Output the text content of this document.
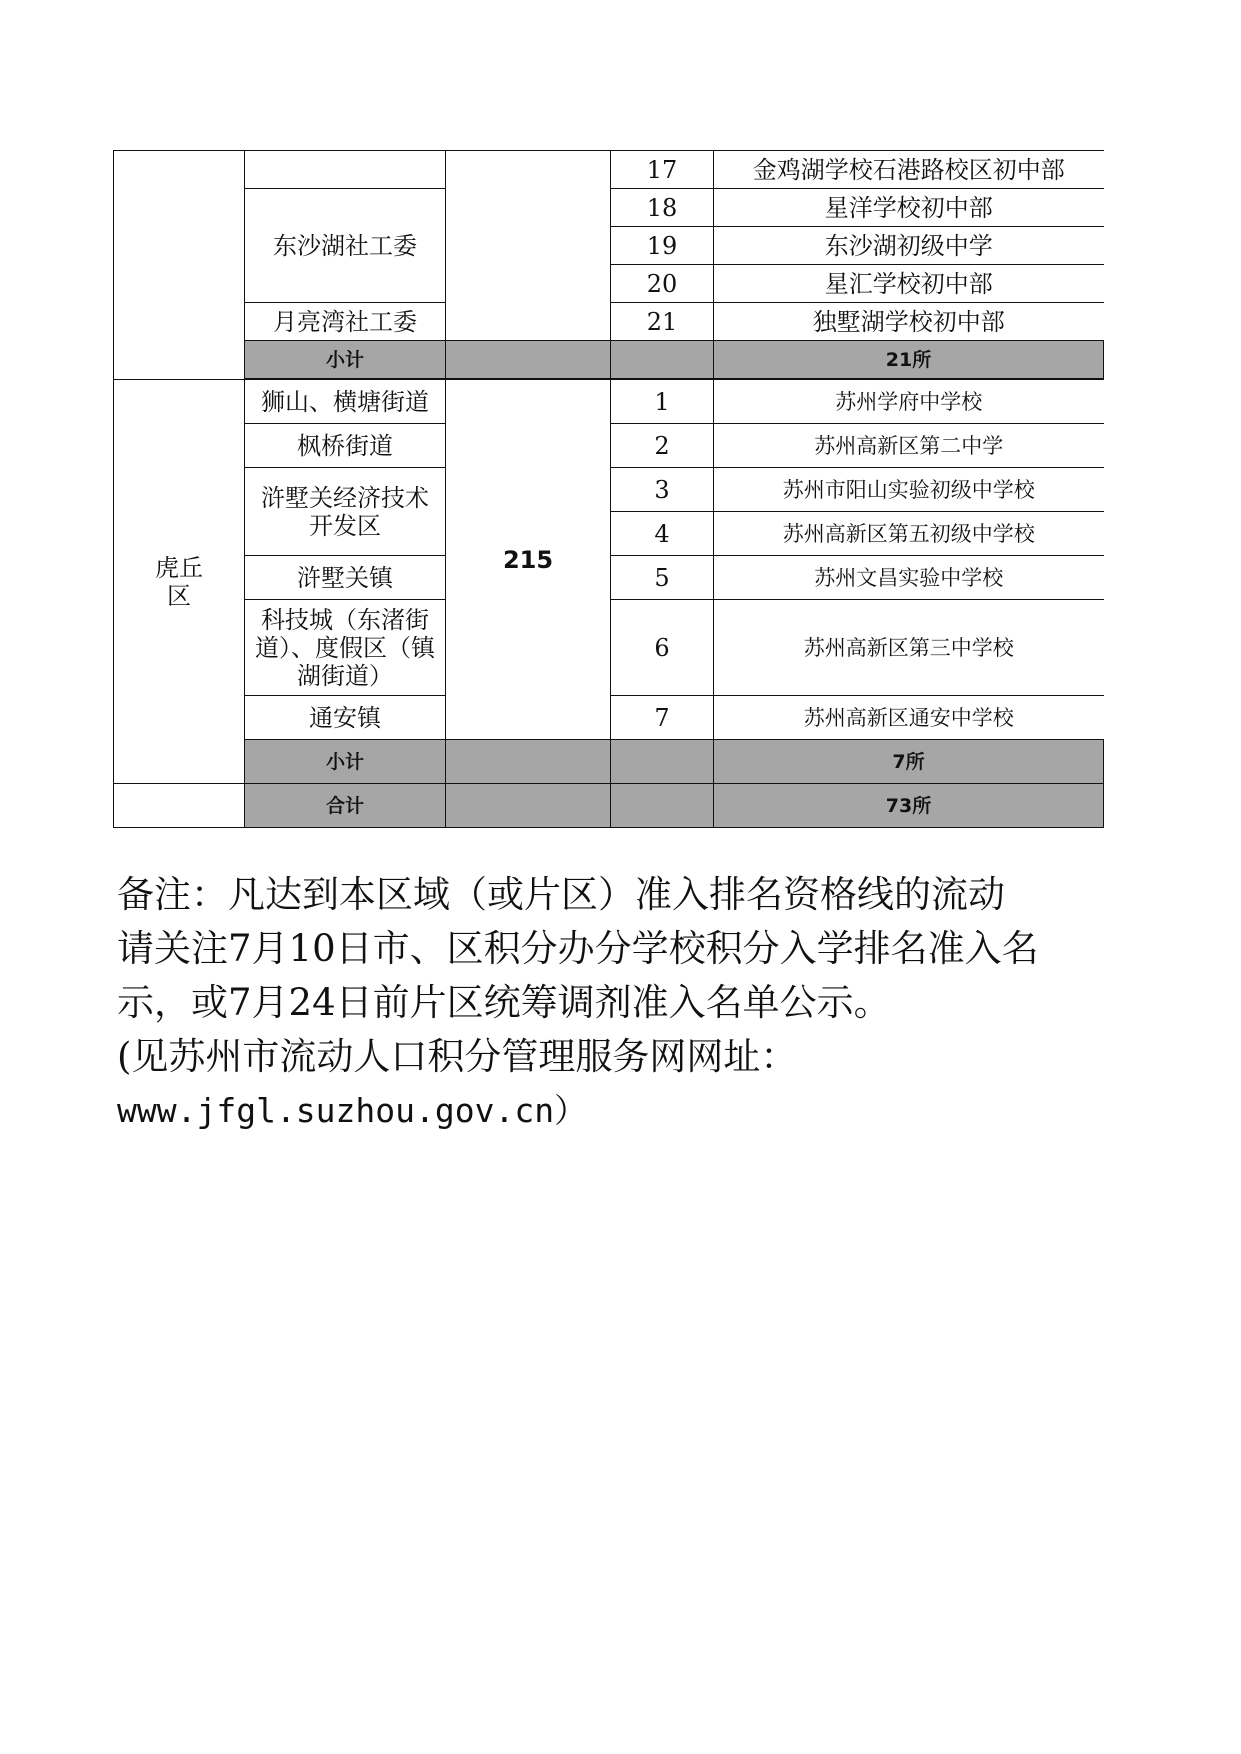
			17	金鸡湖学校石港路校区初中部
	东沙湖社工委		18	星洋学校初中部
			19	东沙湖初级中学

			20	星汇学校初中部
	月亮湾社工委		21	独墅湖学校初中部
	小计			21所

虎丘区	狮山、横塘街道	215	1	苏州学府中学校
	枫桥街道		2	苏州高新区第二中学
	浒墅关经济技术开发区		3	苏州市阳山实验初级中学校
			4	苏州高新区第五初级中学校
	浒墅关镇		5	苏州文昌实验中学校
	科技城（东渚街道）、度假区（镇湖街道）		6	苏州高新区第三中学校
	通安镇		7	苏州高新区通安中学校
	小计			7所
	合计			73所
备注：凡达到本区域（或片区）准入排名资格线的流动
请关注7月10日市、区积分办分学校积分入学排名准入名
示，或7月24日前片区统筹调剂准入名单公示。
(见苏州市流动人口积分管理服务网网址：
www.jfgl.suzhou.gov.cn）
